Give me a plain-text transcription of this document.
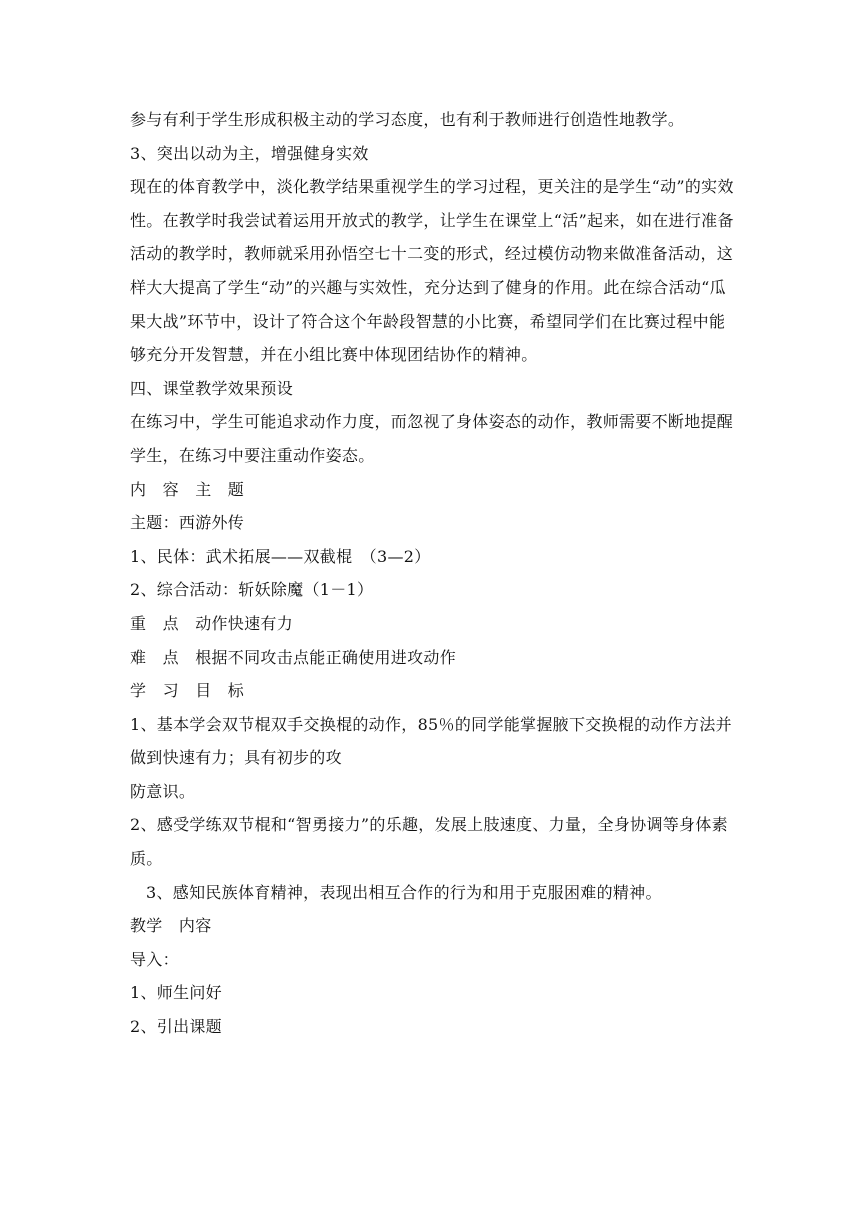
参与有利于学生形成积极主动的学习态度，也有利于教师进行创造性地教学。

3、突出以动为主，增强健身实效

现在的体育教学中，淡化教学结果重视学生的学习过程，更关注的是学生“动”的实效性。在教学时我尝试着运用开放式的教学，让学生在课堂上“活”起来，如在进行准备活动的教学时，教师就采用孙悟空七十二变的形式，经过模仿动物来做准备活动，这样大大提高了学生“动”的兴趣与实效性，充分达到了健身的作用。此在综合活动“瓜果大战”环节中，设计了符合这个年龄段智慧的小比赛，希望同学们在比赛过程中能够充分开发智慧，并在小组比赛中体现团结协作的精神。

四、课堂教学效果预设

在练习中，学生可能追求动作力度，而忽视了身体姿态的动作，教师需要不断地提醒学生，在练习中要注重动作姿态。

内　容　主　题

主题：西游外传

1、民体：武术拓展——双截棍　（3—2）

2、综合活动：斩妖除魔（1－1）

重　点　动作快速有力

难　点　根据不同攻击点能正确使用进攻动作

学　习　目　标

1、基本学会双节棍双手交换棍的动作，85％的同学能掌握腋下交换棍的动作方法并做到快速有力；具有初步的攻

防意识。

2、感受学练双节棍和“智勇接力”的乐趣，发展上肢速度、力量，全身协调等身体素质。

3、感知民族体育精神，表现出相互合作的行为和用于克服困难的精神。

教学　内容

导入：

1、师生问好

2、引出课题
